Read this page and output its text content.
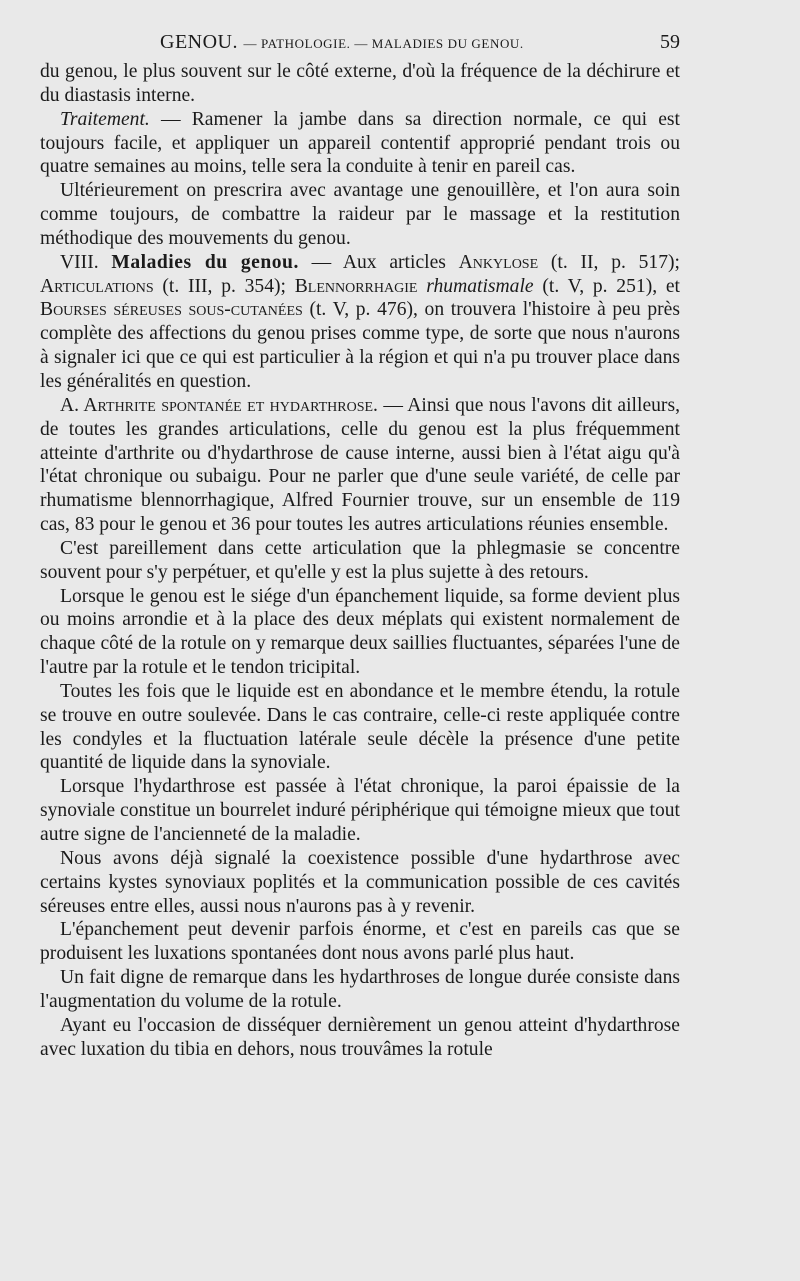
GENOU. — PATHOLOGIE. — MALADIES DU GENOU.	59

du genou, le plus souvent sur le côté externe, d'où la fréquence de la déchirure et du diastasis interne.

Traitement. — Ramener la jambe dans sa direction normale, ce qui est toujours facile, et appliquer un appareil contentif approprié pendant trois ou quatre semaines au moins, telle sera la conduite à tenir en pareil cas.

Ultérieurement on prescrira avec avantage une genouillère, et l'on aura soin comme toujours, de combattre la raideur par le massage et la restitution méthodique des mouvements du genou.

VIII. Maladies du genou. — Aux articles Ankylose (t. II, p. 517); Articulations (t. III, p. 354); Blennorrhagie rhumatismale (t. V, p. 251), et Bourses séreuses sous-cutanées (t. V, p. 476), on trouvera l'histoire à peu près complète des affections du genou prises comme type, de sorte que nous n'aurons à signaler ici que ce qui est particulier à la région et qui n'a pu trouver place dans les généralités en question.

A. Arthrite spontanée et hydarthrose. — Ainsi que nous l'avons dit ailleurs, de toutes les grandes articulations, celle du genou est la plus fréquemment atteinte d'arthrite ou d'hydarthrose de cause interne, aussi bien à l'état aigu qu'à l'état chronique ou subaigu. Pour ne parler que d'une seule variété, de celle par rhumatisme blennorrhagique, Alfred Fournier trouve, sur un ensemble de 119 cas, 83 pour le genou et 36 pour toutes les autres articulations réunies ensemble.

C'est pareillement dans cette articulation que la phlegmasie se concentre souvent pour s'y perpétuer, et qu'elle y est la plus sujette à des retours.

Lorsque le genou est le siége d'un épanchement liquide, sa forme devient plus ou moins arrondie et à la place des deux méplats qui existent normalement de chaque côté de la rotule on y remarque deux saillies fluctuantes, séparées l'une de l'autre par la rotule et le tendon tricipital.

Toutes les fois que le liquide est en abondance et le membre étendu, la rotule se trouve en outre soulevée. Dans le cas contraire, celle-ci reste appliquée contre les condyles et la fluctuation latérale seule décèle la présence d'une petite quantité de liquide dans la synoviale.

Lorsque l'hydarthrose est passée à l'état chronique, la paroi épaissie de la synoviale constitue un bourrelet induré périphérique qui témoigne mieux que tout autre signe de l'ancienneté de la maladie.

Nous avons déjà signalé la coexistence possible d'une hydarthrose avec certains kystes synoviaux poplités et la communication possible de ces cavités séreuses entre elles, aussi nous n'aurons pas à y revenir.

L'épanchement peut devenir parfois énorme, et c'est en pareils cas que se produisent les luxations spontanées dont nous avons parlé plus haut.

Un fait digne de remarque dans les hydarthroses de longue durée consiste dans l'augmentation du volume de la rotule.

Ayant eu l'occasion de disséquer dernièrement un genou atteint d'hydarthrose avec luxation du tibia en dehors, nous trouvâmes la rotule
